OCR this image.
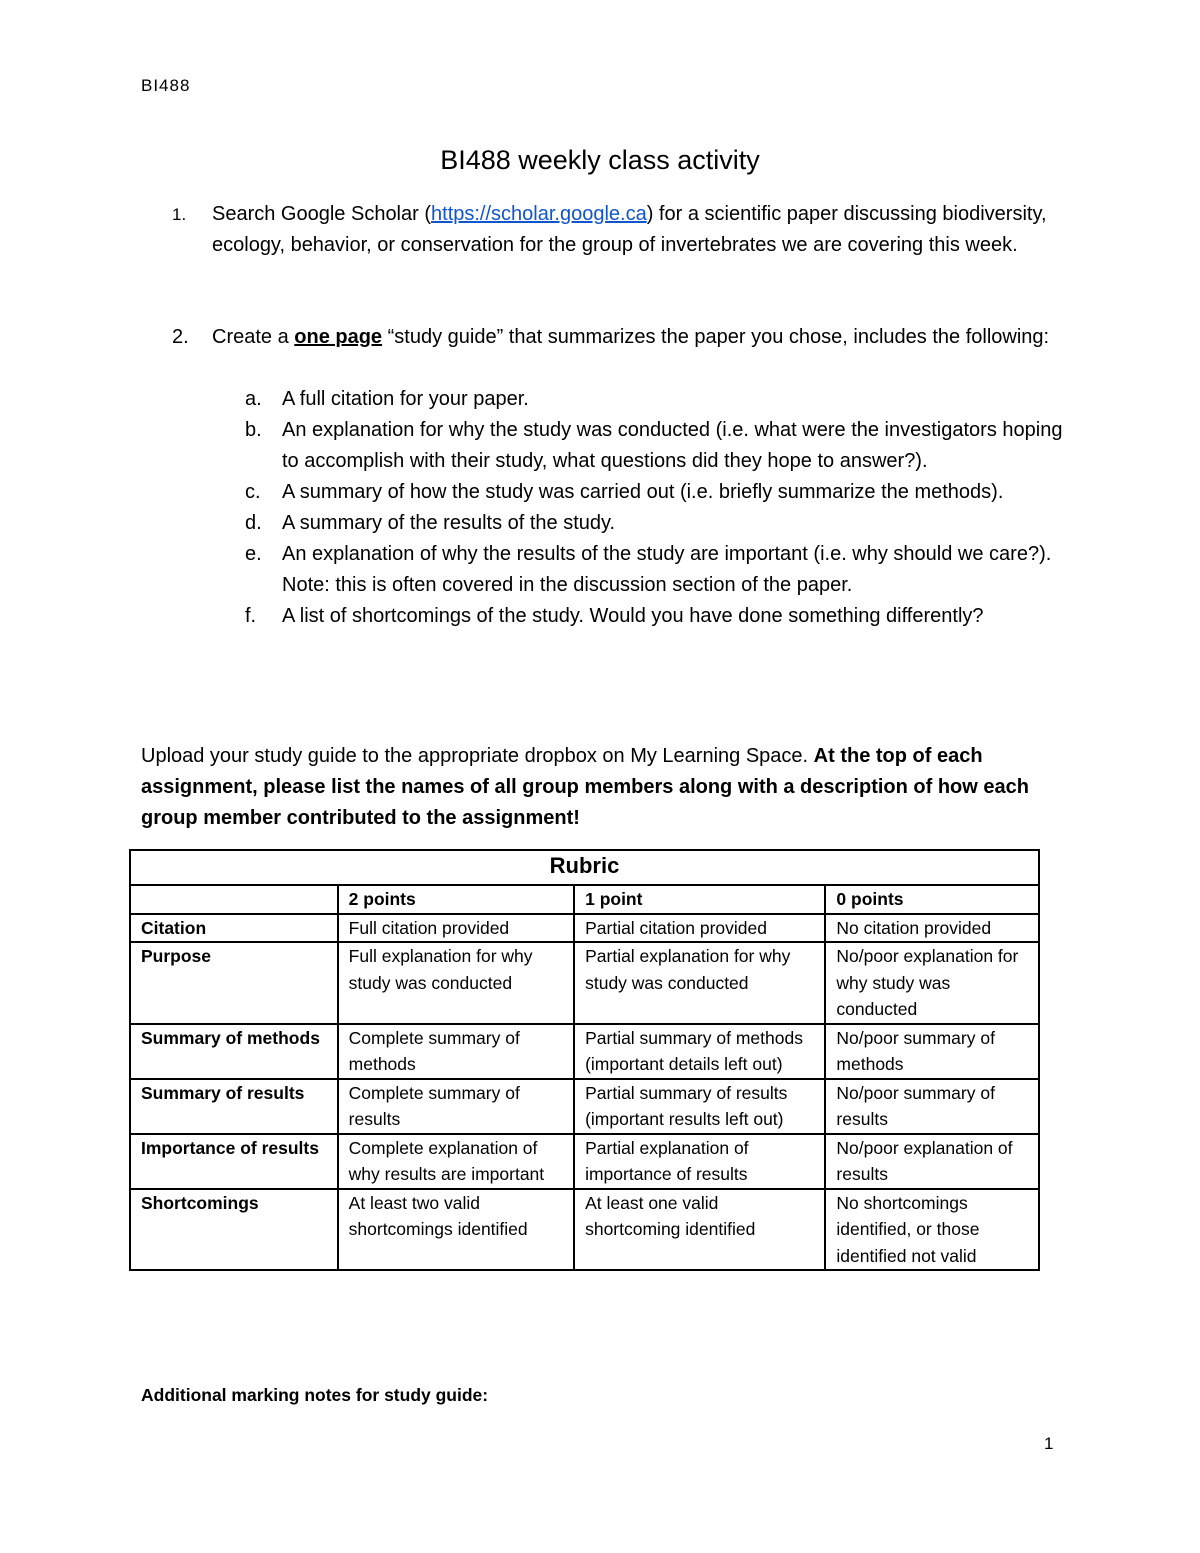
BI488
BI488 weekly class activity
1. Search Google Scholar (https://scholar.google.ca) for a scientific paper discussing biodiversity, ecology, behavior, or conservation for the group of invertebrates we are covering this week.
2. Create a one page “study guide” that summarizes the paper you chose, includes the following:
a. A full citation for your paper.
b. An explanation for why the study was conducted (i.e. what were the investigators hoping to accomplish with their study, what questions did they hope to answer?).
c. A summary of how the study was carried out (i.e. briefly summarize the methods).
d. A summary of the results of the study.
e. An explanation of why the results of the study are important (i.e. why should we care?). Note: this is often covered in the discussion section of the paper.
f. A list of shortcomings of the study. Would you have done something differently?
Upload your study guide to the appropriate dropbox on My Learning Space. At the top of each assignment, please list the names of all group members along with a description of how each group member contributed to the assignment!
Rubric			
	2 points	1 point	0 points
Citation	Full citation provided	Partial citation provided	No citation provided
Purpose	Full explanation for why study was conducted	Partial explanation for why study was conducted	No/poor explanation for why study was conducted
Summary of methods	Complete summary of methods	Partial summary of methods (important details left out)	No/poor summary of methods
Summary of results	Complete summary of results	Partial summary of results (important results left out)	No/poor summary of results
Importance of results	Complete explanation of why results are important	Partial explanation of importance of results	No/poor explanation of results
Shortcomings	At least two valid shortcomings identified	At least one valid shortcoming identified	No shortcomings identified, or those identified not valid
Additional marking notes for study guide:
1
